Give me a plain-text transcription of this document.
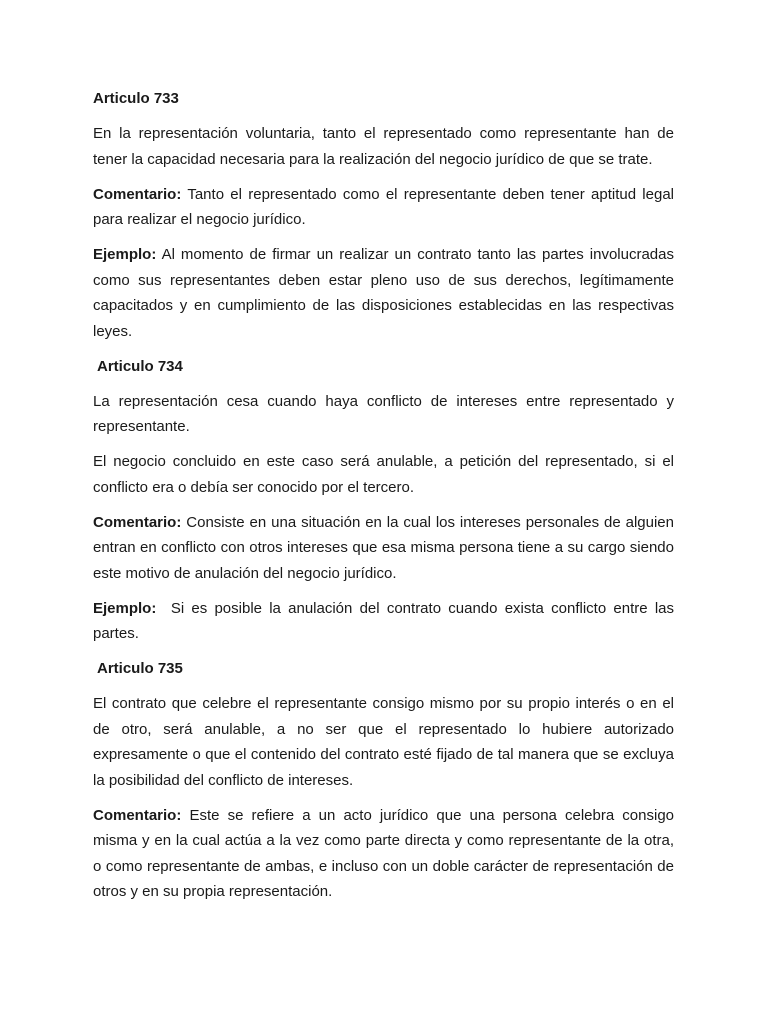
Articulo 733

En la representación voluntaria, tanto el representado como representante han de tener la capacidad necesaria para la realización del negocio jurídico de que se trate.

Comentario: Tanto el representado como el representante deben tener aptitud legal para realizar el negocio jurídico.

Ejemplo: Al momento de firmar un realizar un contrato tanto las partes involucradas como sus representantes deben estar pleno uso de sus derechos, legítimamente capacitados y en cumplimiento de las disposiciones establecidas en las respectivas leyes.

Articulo 734

La representación cesa cuando haya conflicto de intereses entre representado y representante.

El negocio concluido en este caso será anulable, a petición del representado, si el conflicto era o debía ser conocido por el tercero.

Comentario: Consiste en una situación en la cual los intereses personales de alguien entran en conflicto con otros intereses que esa misma persona tiene a su cargo siendo este motivo de anulación del negocio jurídico.

Ejemplo: Si es posible la anulación del contrato cuando exista conflicto entre las partes.

Articulo 735

El contrato que celebre el representante consigo mismo por su propio interés o en el de otro, será anulable, a no ser que el representado lo hubiere autorizado expresamente o que el contenido del contrato esté fijado de tal manera que se excluya la posibilidad del conflicto de intereses.

Comentario: Este se refiere a un acto jurídico que una persona celebra consigo misma y en la cual actúa a la vez como parte directa y como representante de la otra, o como representante de ambas, e incluso con un doble carácter de representación de otros y en su propia representación.
